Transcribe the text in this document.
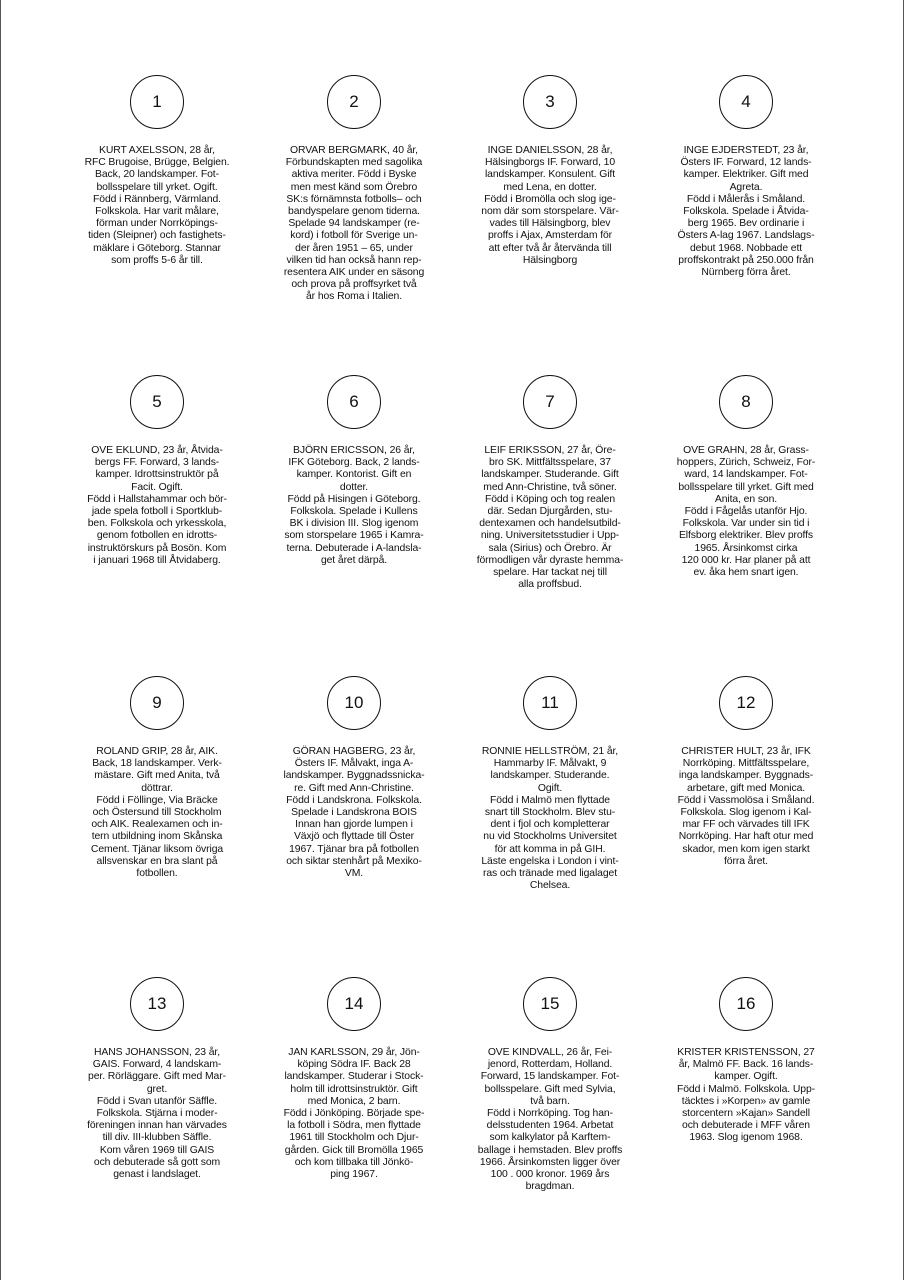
1
KURT AXELSSON, 28 år,
RFC Brugoise, Brügge, Belgien.
Back, 20 landskamper. Fot-
bollsspelare till yrket. Ogift.
Född i Rännberg, Värmland.
Folkskola. Har varit målare,
förman under Norrköpings-
tiden (Sleipner) och fastighets-
mäklare i Göteborg. Stannar
som proffs 5-6 år till.
2
ORVAR BERGMARK, 40 år,
Förbundskapten med sagolika
aktiva meriter. Född i Byske
men mest känd som Örebro
SK:s förnämnsta fotbolls– och
bandyspelare genom tiderna.
Spelade 94 landskamper (re-
kord) i fotboll för Sverige un-
der åren 1951 – 65, under
vilken tid han också hann rep-
resentera AIK under en säsong
och prova på proffsyrket två
år hos Roma i Italien.
3
INGE DANIELSSON, 28 år,
Hälsingborgs IF. Forward, 10
landskamper. Konsulent. Gift
med Lena, en dotter.
Född i Bromölla och slog ige-
nom där som storspelare. Vär-
vades till Hälsingborg, blev
proffs i Ajax, Amsterdam för
att efter två år återvända till
Hälsingborg
4
INGE EJDERSTEDT, 23 år,
Östers IF. Forward, 12 lands-
kamper. Elektriker. Gift med
Agreta.
Född i Målerås i Småland.
Folkskola. Spelade i Åtvida-
berg 1965. Bev ordinarie i
Östers A-lag 1967. Landslags-
debut 1968. Nobbade ett
proffskontrakt på 250.000 från
Nürnberg förra året.
5
OVE EKLUND, 23 år, Åtvida-
bergs FF. Forward, 3 lands-
kamper. Idrottsinstruktör på
Facit. Ogift.
Född i Hallstahammar och bör-
jade spela fotboll i Sportklub-
ben. Folkskola och yrkesskola,
genom fotbollen en idrotts-
instruktörskurs på Bosön. Kom
i januari 1968 till Åtvidaberg.
6
BJÖRN ERICSSON, 26 år,
IFK Göteborg. Back, 2 lands-
kamper. Kontorist. Gift en
dotter.
Född på Hisingen i Göteborg.
Folkskola. Spelade i Kullens
BK i division III. Slog igenom
som storspelare 1965 i Kamra-
terna. Debuterade i A-landsla-
get året därpå.
7
LEIF ERIKSSON, 27 år, Öre-
bro SK. Mittfältsspelare, 37
landskamper. Studerande. Gift
med Ann-Christine, två söner.
Född i Köping och tog realen
där. Sedan Djurgården, stu-
dentexamen och handelsutbild-
ning. Universitetsstudier i Upp-
sala (Sirius) och Örebro. Är
förmodligen vår dyraste hemma-
spelare. Har tackat nej till
alla proffsbud.
8
OVE GRAHN, 28 år, Grass-
hoppers, Zürich, Schweiz, For-
ward, 14 landskamper. Fot-
bollsspelare till yrket. Gift med
Anita, en son.
Född i Fågelås utanför Hjo.
Folkskola. Var under sin tid i
Elfsborg elektriker. Blev proffs
1965. Årsinkomst cirka
120 000 kr. Har planer på att
ev. åka hem snart igen.
9
ROLAND GRIP, 28 år, AIK.
Back, 18 landskamper. Verk-
mästare. Gift med Anita, två
döttrar.
Född i Föllinge, Via Bräcke
och Östersund till Stockholm
och AIK. Realexamen och in-
tern utbildning inom Skånska
Cement. Tjänar liksom övriga
allsvenskar en bra slant på
fotbollen.
10
GÖRAN HAGBERG, 23 år,
Östers IF. Målvakt, inga A-
landskamper. Byggnadssnicka-
re. Gift med Ann-Christine.
Född i Landskrona. Folkskola.
Spelade i Landskrona BOIS
Innan han gjorde lumpen i
Växjö och flyttade till Öster
1967. Tjänar bra på fotbollen
och siktar stenhårt på Mexiko-
VM.
11
RONNIE HELLSTRÖM, 21 år,
Hammarby IF. Målvakt, 9
landskamper. Studerande.
Ogift.
Född i Malmö men flyttade
snart till Stockholm. Blev stu-
dent i fjol och kompletterar
nu vid Stockholms Universitet
för att komma in på GIH.
Läste engelska i London i vint-
ras och tränade med ligalaget
Chelsea.
12
CHRISTER HULT, 23 år, IFK
Norrköping. Mittfältsspelare,
inga landskamper. Byggnads-
arbetare, gift med Monica.
Född i Vassmolösa i Småland.
Folkskola. Slog igenom i Kal-
mar FF och värvades till IFK
Norrköping. Har haft otur med
skador, men kom igen starkt
förra året.
13
HANS JOHANSSON, 23 år,
GAIS. Forward, 4 landskam-
per. Rörläggare. Gift med Mar-
gret.
Född i Svan utanför Säffle.
Folkskola. Stjärna i moder-
föreningen innan han värvades
till div. III-klubben Säffle.
Kom våren 1969 till GAIS
och debuterade så gott som
genast i landslaget.
14
JAN KARLSSON, 29 år, Jön-
köping Södra IF. Back 28
landskamper. Studerar i Stock-
holm till idrottsinstruktör. Gift
med Monica, 2 barn.
Född i Jönköping. Började spe-
la fotboll i Södra, men flyttade
1961 till Stockholm och Djur-
gården. Gick till Bromölla 1965
och kom tillbaka till Jönkö-
ping 1967.
15
OVE KINDVALL, 26 år, Fei-
jenord, Rotterdam, Holland.
Forward, 15 landskamper. Fot-
bollsspelare. Gift med Sylvia,
två barn.
Född i Norrköping. Tog han-
delsstudenten 1964. Arbetat
som kalkylator på Karftem-
ballage i hemstaden. Blev proffs
1966. Årsinkomsten ligger över
100 . 000 kronor. 1969 års
bragdman.
16
KRISTER KRISTENSSON, 27
år, Malmö FF. Back. 16 lands-
kamper. Ogift.
Född i Malmö. Folkskola. Upp-
täcktes i »Korpen» av gamle
storcentern »Kajan» Sandell
och debuterade i MFF våren
1963. Slog igenom 1968.
